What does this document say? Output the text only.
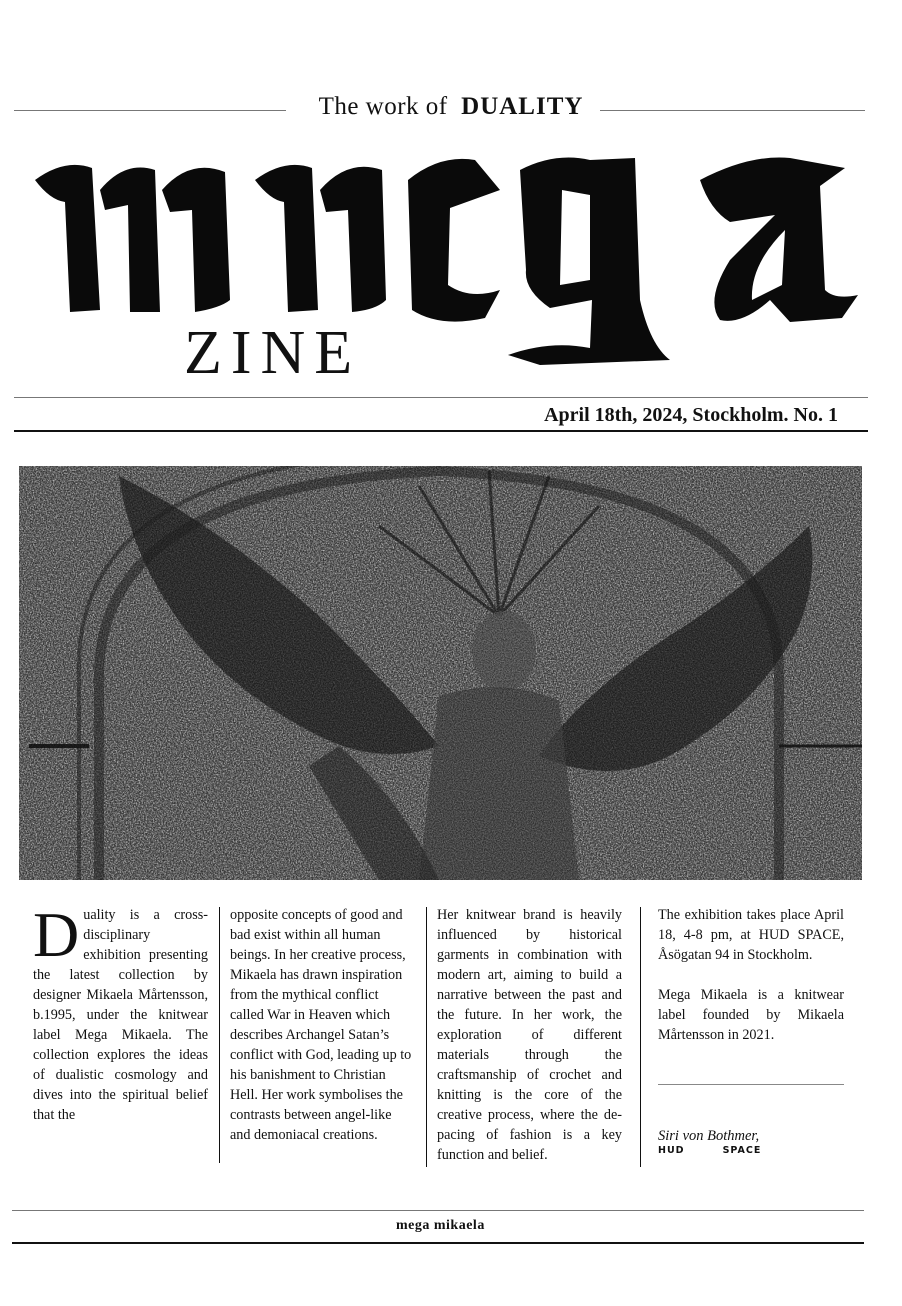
The work of DUALITY
ZINE
April 18th, 2024, Stockholm. No. 1
D uality is a cross-disciplinary exhibition presenting the latest collection by designer Mikaela Mårtensson, b.1995, under the knitwear label Mega Mikaela. The collection explores the ideas of dualistic cosmology and dives into the spiritual belief that the
opposite concepts of good and bad exist within all human beings. In her creative process, Mikaela has drawn inspiration from the mythical conflict called War in Heaven which describes Archangel Satan’s conflict with God, leading up to his banishment to Christian Hell. Her work symbolises the contrasts between angel-like and demoniacal creations.
Her knitwear brand is heavily influenced by historical garments in combination with modern art, aiming to build a narrative between the past and the future. In her work, the exploration of different materials through the craftsmanship of crochet and knitting is the core of the creative process, where the de-pacing of fashion is a key function and belief.

The exhibition takes place April 18, 4-8 pm, at HUD SPACE, Åsögatan 94 in Stockholm.

Mega Mikaela is a knitwear label founded by Mikaela Mårtensson in 2021.

Siri von Bothmer,
HUD	SPACE
mega mikaela
